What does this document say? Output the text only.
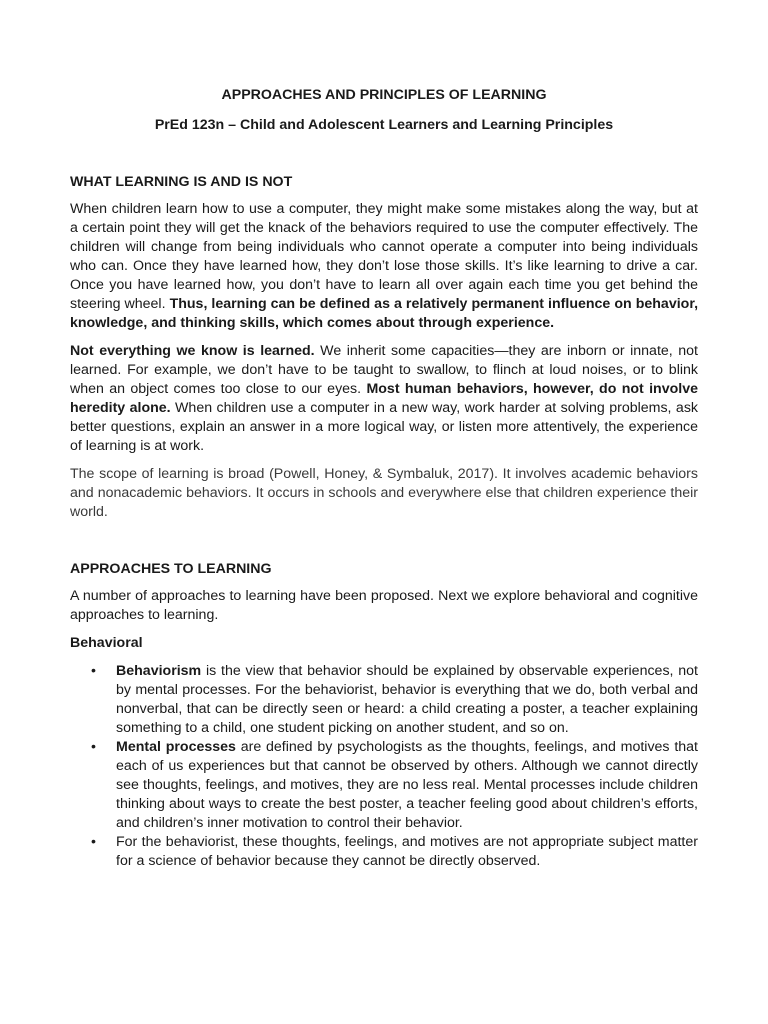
APPROACHES AND PRINCIPLES OF LEARNING

PrEd 123n – Child and Adolescent Learners and Learning Principles

WHAT LEARNING IS AND IS NOT

When children learn how to use a computer, they might make some mistakes along the way, but at a certain point they will get the knack of the behaviors required to use the computer effectively. The children will change from being individuals who cannot operate a computer into being individuals who can. Once they have learned how, they don’t lose those skills. It’s like learning to drive a car. Once you have learned how, you don’t have to learn all over again each time you get behind the steering wheel. Thus, learning can be defined as a relatively permanent influence on behavior, knowledge, and thinking skills, which comes about through experience.

Not everything we know is learned. We inherit some capacities—they are inborn or innate, not learned. For example, we don’t have to be taught to swallow, to flinch at loud noises, or to blink when an object comes too close to our eyes. Most human behaviors, however, do not involve heredity alone. When children use a computer in a new way, work harder at solving problems, ask better questions, explain an answer in a more logical way, or listen more attentively, the experience of learning is at work.

The scope of learning is broad (Powell, Honey, & Symbaluk, 2017). It involves academic behaviors and nonacademic behaviors. It occurs in schools and everywhere else that children experience their world.

APPROACHES TO LEARNING

A number of approaches to learning have been proposed. Next we explore behavioral and cognitive approaches to learning.

Behavioral

• Behaviorism is the view that behavior should be explained by observable experiences, not by mental processes. For the behaviorist, behavior is everything that we do, both verbal and nonverbal, that can be directly seen or heard: a child creating a poster, a teacher explaining something to a child, one student picking on another student, and so on.
• Mental processes are defined by psychologists as the thoughts, feelings, and motives that each of us experiences but that cannot be observed by others. Although we cannot directly see thoughts, feelings, and motives, they are no less real. Mental processes include children thinking about ways to create the best poster, a teacher feeling good about children’s efforts, and children’s inner motivation to control their behavior.
• For the behaviorist, these thoughts, feelings, and motives are not appropriate subject matter for a science of behavior because they cannot be directly observed.
